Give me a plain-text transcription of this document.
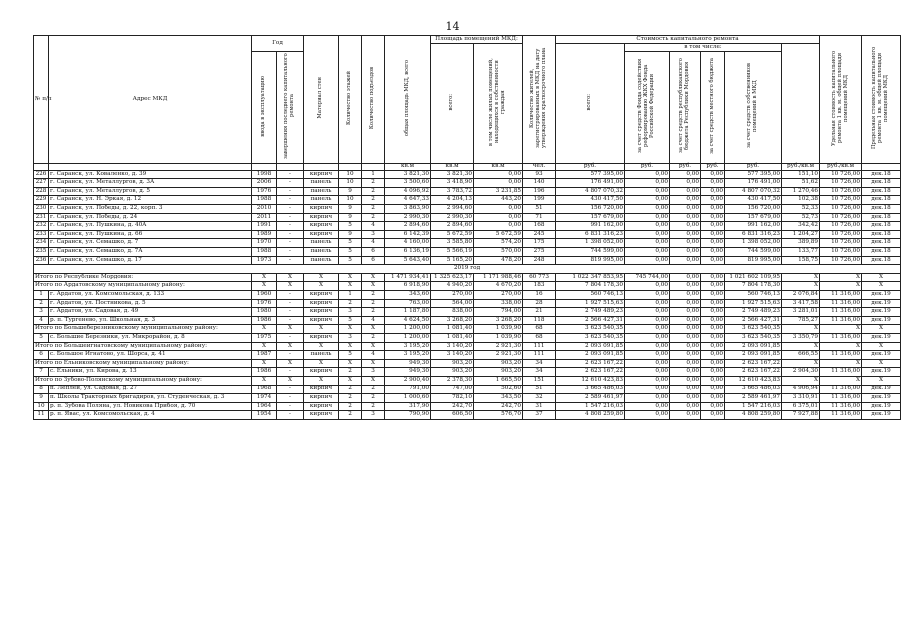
14
№ п/п	Адрес МКД	Год		Материал стен	Количество этажей	Количество подъездов	общая площадь МКД, всего	Площадь помещений МКД:		Количество жителей, зарегистрированных в МКД на дату утверждения краткосрочного плана	Стоимость капитального ремонта						Удельная стоимость капитального ремонта 1 кв. м. общей площади помещений МКД	Предельная стоимость капитального ремонта 1 кв. м. общей площади помещений МКД	
								всего:	в том числе жилых помещений, находящихся в собственности граждан		всего:	в том числе:							
		ввода в эксплуатацию	завершения последнего капитального ремонта									за счет средств Фонда содействия реформированию ЖКХ Фонда Российской Федерации	за счет средств республиканского бюджета Республики Мордовия	за счет средств местного бюджета	за счет средств собственников помещений в МКД				
							кв.м	кв.м	кв.м	чел.	руб.	руб.	руб.	руб.	руб.	руб./кв.м	руб./кв.м		
226	г. Саранск, ул. Коваленко, д. 39	1998	-	кирпич	10	1	3 821,30	3 821,30	0,00	93	577 395,00	0,00	0,00	0,00	577 395,00	151,10	10 726,00	дек.18	
227	г. Саранск, ул. Металлургов, д. 3А	2006	-	панель	10	2	3 500,60	3 418,90	0,00	140	176 491,00	0,00	0,00	0,00	176 491,00	51,62	10 726,00	дек.18	
228	г. Саранск, ул. Металлургов, д. 5	1976	-	панель	9	2	4 096,92	3 783,72	3 231,85	196	4 807 070,32	0,00	0,00	0,00	4 807 070,32	1 270,46	10 726,00	дек.18	
229	г. Саранск, ул. Н. Эркая, д. 12	1988	-	панель	10	2	4 647,33	4 204,13	443,20	199	430 417,50	0,00	0,00	0,00	430 417,50	102,38	10 726,00	дек.18	
230	г. Саранск, ул. Победы, д. 22, корп. 3	2010	-	кирпич	9	2	3 863,90	2 994,60	0,00	51	156 720,00	0,00	0,00	0,00	156 720,00	52,33	10 726,00	дек.18	
231	г. Саранск, ул. Победы, д. 24	2011	-	кирпич	9	2	2 990,30	2 990,30	0,00	71	157 679,00	0,00	0,00	0,00	157 679,00	52,73	10 726,00	дек.18	
232	г. Саранск, ул. Пушкина, д. 40А	1991	-	кирпич	5	4	2 894,60	2 894,60	0,00	168	991 162,00	0,00	0,00	0,00	991 162,00	342,42	10 726,00	дек.18	
233	г. Саранск, ул. Пушкина, д. 66	1989	-	кирпич	9	3	6 142,39	5 672,59	5 672,59	245	6 831 316,23	0,00	0,00	0,00	6 831 316,23	1 204,27	10 726,00	дек.18	
234	г. Саранск, ул. Семашко, д. 7	1970	-	панель	5	4	4 160,00	3 585,80	574,20	175	1 398 052,00	0,00	0,00	0,00	1 398 052,00	389,89	10 726,00	дек.18	
235	г. Саранск, ул. Семашко, д. 7А	1988	-	панель	5	6	6 136,19	5 566,19	570,00	275	744 599,00	0,00	0,00	0,00	744 599,00	133,77	10 726,00	дек.18	
236	г. Саранск, ул. Семашко, д. 17	1973	-	панель	5	6	5 643,40	5 165,20	478,20	248	819 995,00	0,00	0,00	0,00	819 995,00	158,75	10 726,00	дек.18	
2019 год																			
Итого по Республике Мордовия:		X	X	X	X	X	1 471 934,41	1 325 623,17	1 171 988,46	60 773	1 022 347 853,95	745 744,00	0,00	0,00	1 021 602 109,95	X	X	X	
Итого по Ардатовскому муниципальному району:		X	X	X	X	X	6 918,90	4 940,20	4 670,20	183	7 804 178,30	0,00	0,00	0,00	7 804 178,30	X	X	X	
1	г. Ардатов, ул. Комсомольская, д. 133	1960	-	кирпич	1	2	343,60	270,00	270,00	16	560 746,13	0,00	0,00	0,00	560 746,13	2 076,84	11 316,00	дек.19	
2	г. Ардатов, ул. Постникова, д. 5	1976	-	кирпич	2	2	763,00	564,00	338,00	28	1 927 515,63	0,00	0,00	0,00	1 927 515,63	3 417,58	11 316,00	дек.19	
3	г. Ардатов, ул. Садовая, д. 49	1980	-	кирпич	3	2	1 187,80	838,00	794,00	21	2 749 489,23	0,00	0,00	0,00	2 749 489,23	3 281,01	11 316,00	дек.19	
4	р. п. Тургенево, ул. Школьная, д. 3	1986	-	кирпич	5	4	4 624,50	3 268,20	3 268,20	118	2 566 427,31	0,00	0,00	0,00	2 566 427,31	785,27	11 316,00	дек.19	
Итого по Большеберезниковскому муниципальному району:		X	X	X	X	X	1 200,00	1 081,40	1 039,90	68	3 623 540,35	0,00	0,00	0,00	3 623 540,35	X	X	X	
5	с. Большие Березники, ул. Микрорайон, д. 8	1975	-	кирпич	3	2	1 200,00	1 081,40	1 039,90	68	3 623 540,35	0,00	0,00	0,00	3 623 540,35	3 350,79	11 316,00	дек.19	
Итого по Большеигнатовскому муниципальному району:		X	X	X	X	X	3 195,20	3 140,20	2 921,30	111	2 093 091,85	0,00	0,00	0,00	2 093 091,85	X	X	X	
6	с. Большое Игнатово, ул. Шорса, д. 41	1987	-	панель	5	4	3 195,20	3 140,20	2 921,30	111	2 093 091,85	0,00	0,00	0,00	2 093 091,85	666,55	11 316,00	дек.19	
Итого по Ельниковскому муниципальному району:		X	X	X	X	X	949,30	903,20	903,20	34	2 623 167,22	0,00	0,00	0,00	2 623 167,22	X	X	X	
7	с. Ельники, ул. Кирова, д. 13	1986	-	кирпич	2	3	949,30	903,20	903,20	34	2 623 167,22	0,00	0,00	0,00	2 623 167,22	2 904,30	11 316,00	дек.19	
Итого по Зубово-Полянскому муниципальному району:		X	X	X	X	X	2 900,40	2 378,30	1 665,50	151	12 610 423,83	0,00	0,00	0,00	12 610 423,83	X	X	X	
8	п. Леплей, ул. Садовая, д. 27	1968	-	кирпич	2	2	791,00	747,00	502,60	51	3 665 486,03	0,00	0,00	0,00	3 665 486,03	4 906,94	11 316,00	дек.19	
9	п. Школы Тракторных бригадиров, ул. Студенческая, д. 3	1974	-	кирпич	2	2	1 000,60	782,10	343,50	32	2 589 461,97	0,00	0,00	0,00	2 589 461,97	3 310,91	11 316,00	дек.19	
10	р. п. Зубова Поляна, ул. Новикова Прибоя, д. 70	1964	-	кирпич	2	2	317,90	242,70	242,70	31	1 547 216,03	0,00	0,00	0,00	1 547 216,03	6 375,01	11 316,00	дек.19	
11	р. п. Явас, ул. Комсомольская, д. 4	1954	-	кирпич	2	3	790,90	606,50	576,70	37	4 808 259,80	0,00	0,00	0,00	4 808 259,80	7 927,88	11 316,00	дек.19	
